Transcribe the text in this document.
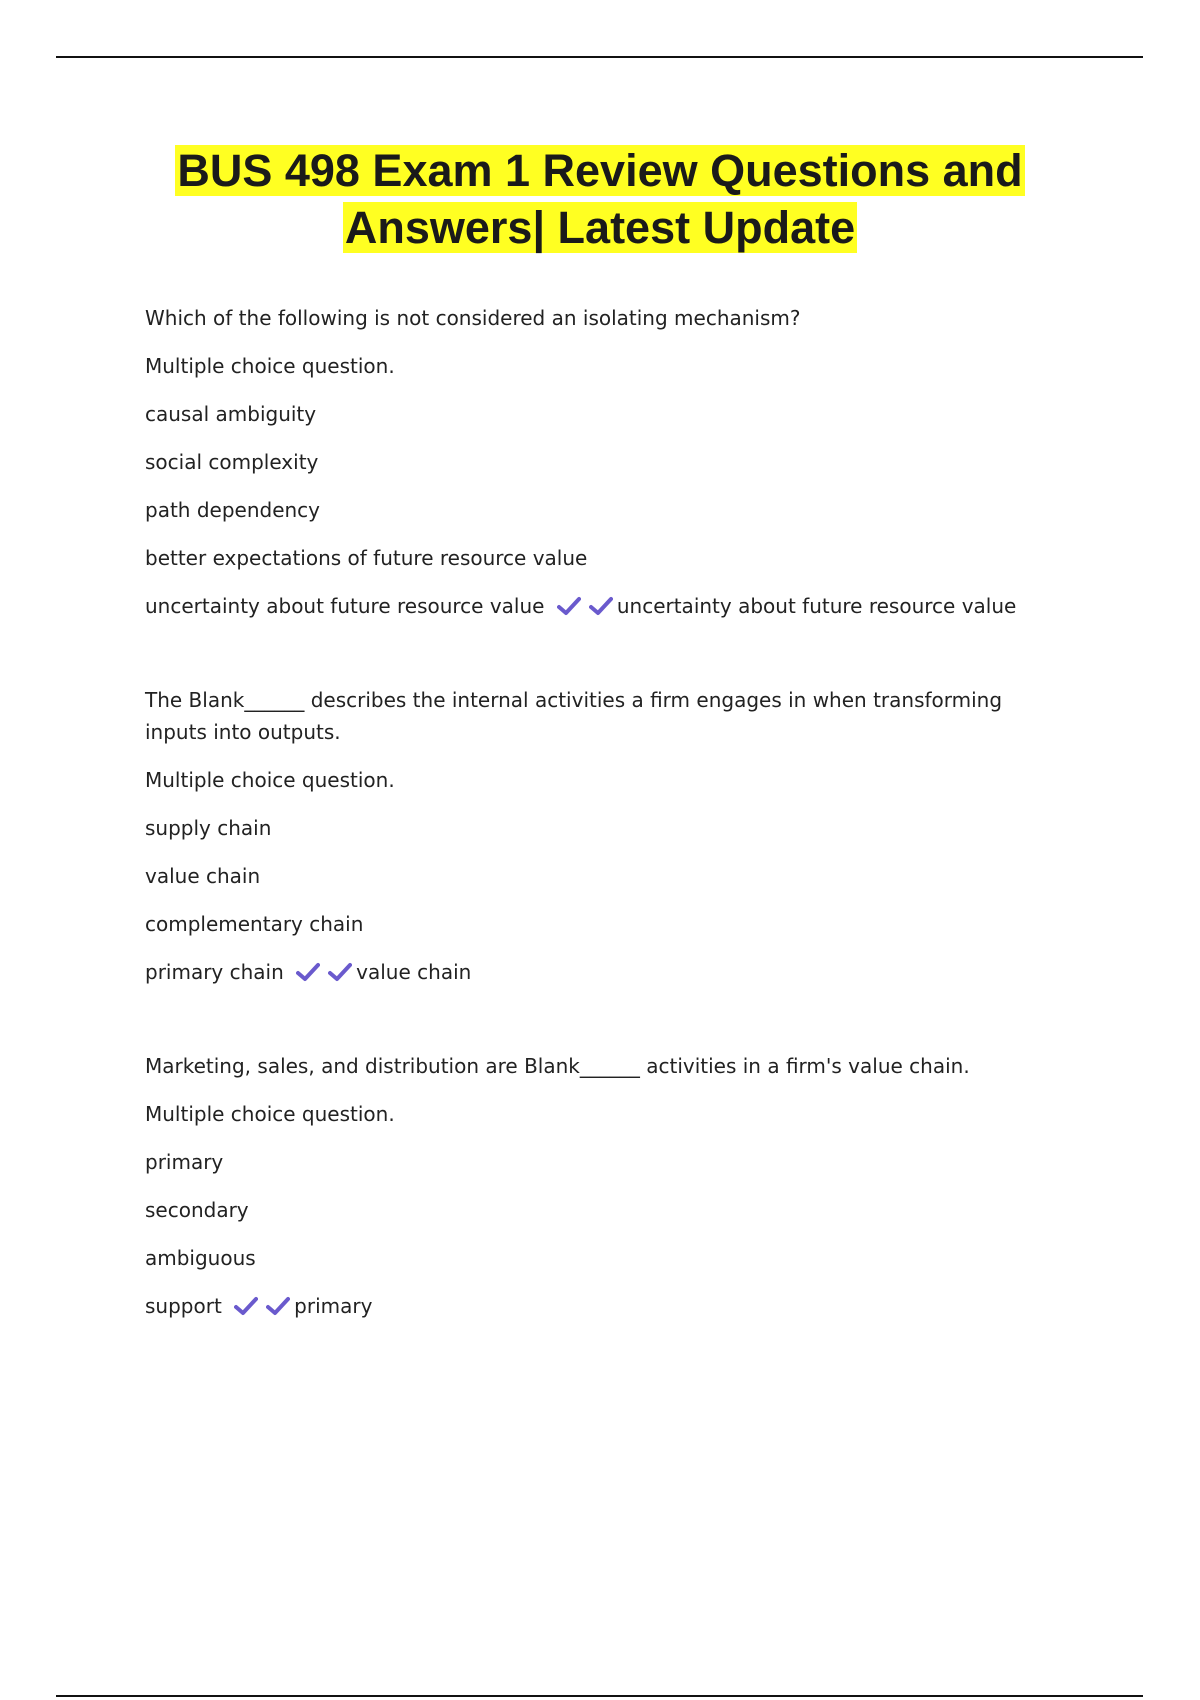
BUS 498 Exam 1 Review Questions and
Answers| Latest Update
Which of the following is not considered an isolating mechanism?
Multiple choice question.
causal ambiguity
social complexity
path dependency
better expectations of future resource value
uncertainty about future resource value	uncertainty about future resource value
The Blank______ describes the internal activities a firm engages in when transforming inputs into outputs.
Multiple choice question.
supply chain
value chain
complementary chain
primary chain	value chain
Marketing, sales, and distribution are Blank______ activities in a firm's value chain.
Multiple choice question.
primary
secondary
ambiguous
support	primary
